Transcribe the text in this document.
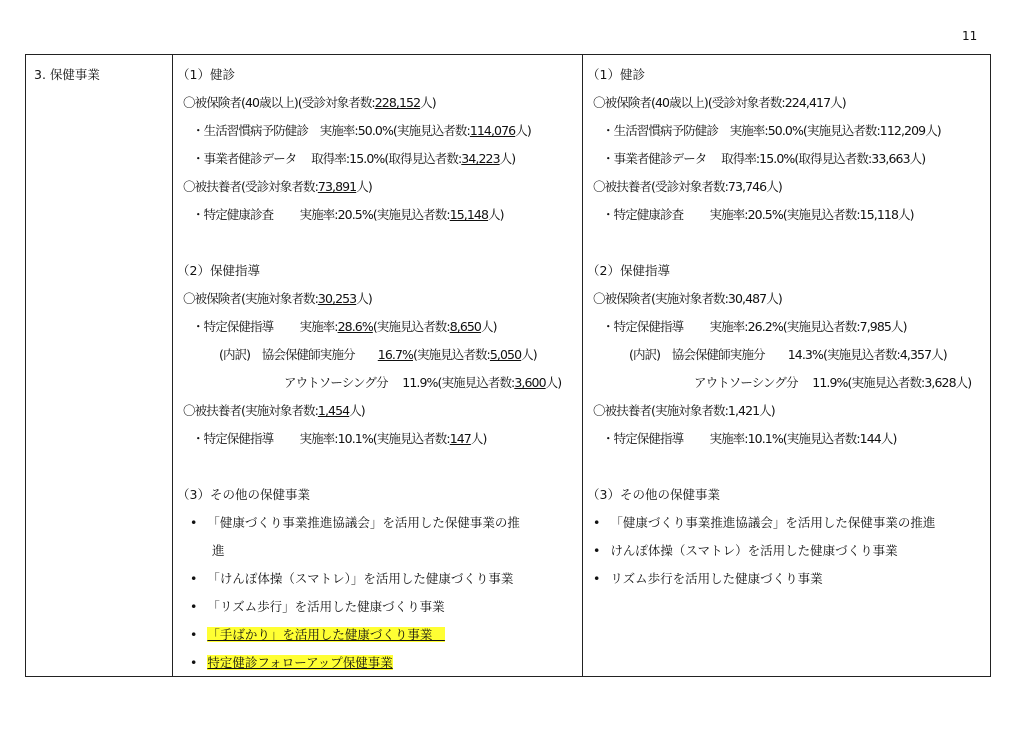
11
3. 保健事業	（1）健診
〇被保険者(40歳以上)(受診対象者数:228,152人)
・生活習慣病予防健診　実施率:50.0%(実施見込者数:114,076人)
・事業者健診データ　 取得率:15.0%(取得見込者数:34,223人)
〇被扶養者(受診対象者数:73,891人)
・特定健康診査　　 実施率:20.5%(実施見込者数:15,148人)
（2）保健指導
〇被保険者(実施対象者数:30,253人)
・特定保健指導　　 実施率:28.6%(実施見込者数:8,650人)
(内訳)　協会保健師実施分　　16.7%(実施見込者数:5,050人)
アウトソーシング分　 11.9%(実施見込者数:3,600人)
〇被扶養者(実施対象者数:1,454人)
・特定保健指導　　 実施率:10.1%(実施見込者数:147人)
（3）その他の保健事業
• 「健康づくり事業推進協議会」を活用した保健事業の推
進
• 「けんぽ体操（スマトレ）」を活用した健康づくり事業
• 「リズム歩行」を活用した健康づくり事業
• 「手ばかり」を活用した健康づくり事業　
• 特定健診フォローアップ保健事業
（1）健診
〇被保険者(40歳以上)(受診対象者数:224,417人)
・生活習慣病予防健診　実施率:50.0%(実施見込者数:112,209人)
・事業者健診データ　 取得率:15.0%(取得見込者数:33,663人)
〇被扶養者(受診対象者数:73,746人)
・特定健康診査　　 実施率:20.5%(実施見込者数:15,118人)
（2）保健指導
〇被保険者(実施対象者数:30,487人)
・特定保健指導　　 実施率:26.2%(実施見込者数:7,985人)
(内訳)　協会保健師実施分　　14.3%(実施見込者数:4,357人)
アウトソーシング分　 11.9%(実施見込者数:3,628人)
〇被扶養者(実施対象者数:1,421人)
・特定保健指導　　 実施率:10.1%(実施見込者数:144人)
（3）その他の保健事業
• 「健康づくり事業推進協議会」を活用した保健事業の推進
• けんぽ体操（スマトレ）を活用した健康づくり事業
• リズム歩行を活用した健康づくり事業
